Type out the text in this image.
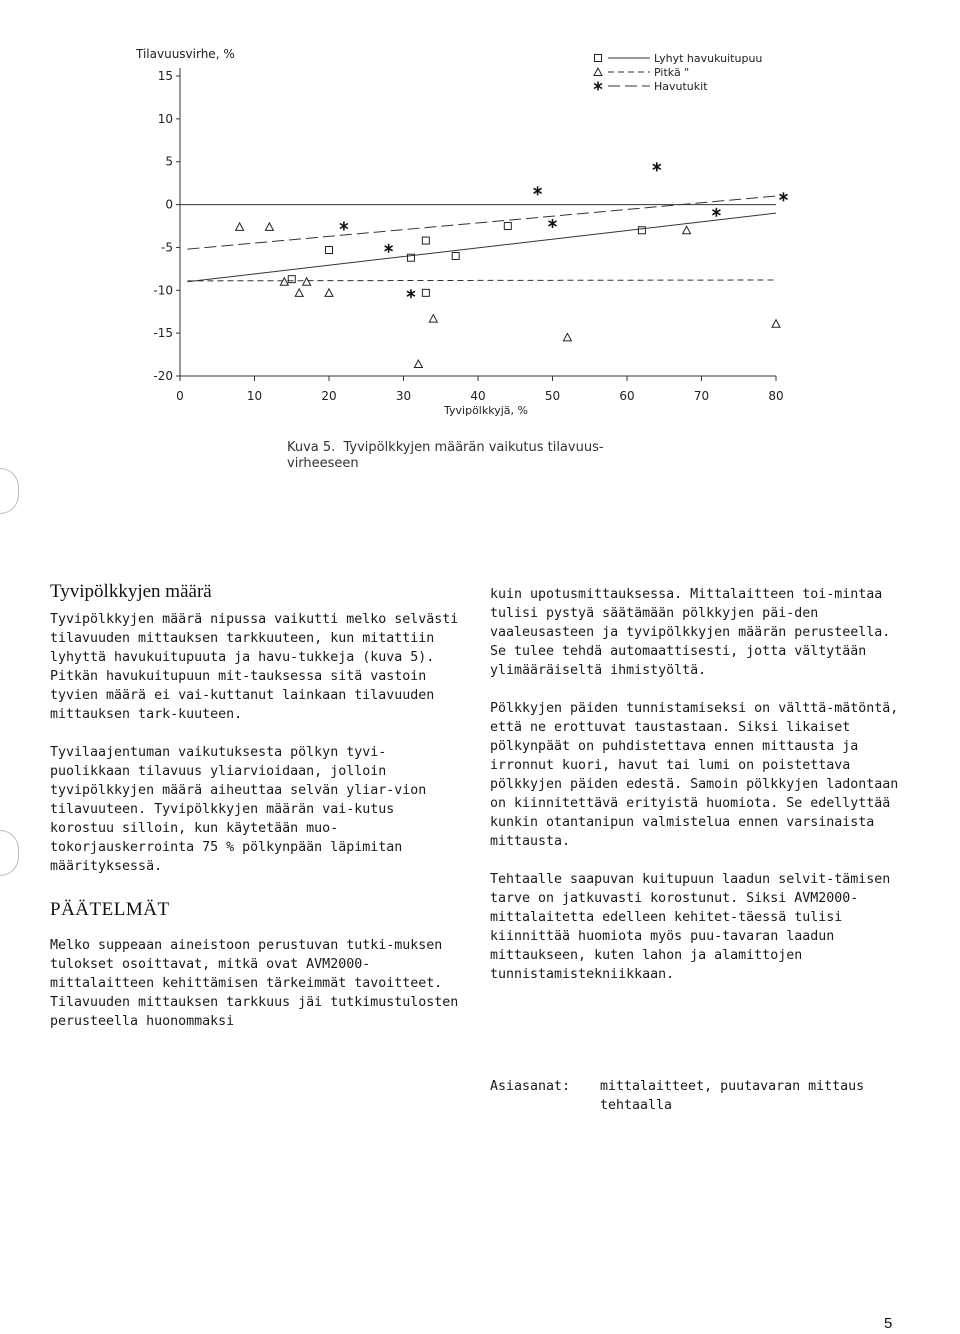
15
10
5
0
-5
-10
-15
-20
0	10	20	30	40	50	60	70	80
Tilavuusvirhe, %
Tyvipölkkyjä, %
Lyhyt havukuitupuu
Pitkä "
Havutukit
Kuva 5. Tyvipölkkyjen määrän vaikutus tilavuus-virheeseen
Tyvipölkkyjen määrä

Tyvipölkkyjen määrä nipussa vaikutti melko selvästi tilavuuden mittauksen tarkkuuteen, kun mitattiin lyhyttä havukuitupuuta ja havu-tukkeja (kuva 5). Pitkän havukuitupuun mit-tauksessa sitä vastoin tyvien määrä ei vai-kuttanut lainkaan tilavuuden mittauksen tark-kuuteen.

Tyvilaajentuman vaikutuksesta pölkyn tyvi-puolikkaan tilavuus yliarvioidaan, jolloin tyvipölkkyjen määrä aiheuttaa selvän yliar-vion tilavuuteen. Tyvipölkkyjen määrän vai-kutus korostuu silloin, kun käytetään muo-tokorjauskerrointa 75 % pölkynpään läpimitan määrityksessä.

PÄÄTELMÄT

Melko suppeaan aineistoon perustuvan tutki-muksen tulokset osoittavat, mitkä ovat AVM2000-mittalaitteen kehittämisen tärkeimmät tavoitteet. Tilavuuden mittauksen tarkkuus jäi tutkimustulosten perusteella huonommaksi

kuin upotusmittauksessa. Mittalaitteen toi-mintaa tulisi pystyä säätämään pölkkyjen päi-den vaaleusasteen ja tyvipölkkyjen määrän perusteella. Se tulee tehdä automaattisesti, jotta vältytään ylimääräiseltä ihmistyöltä.

Pölkkyjen päiden tunnistamiseksi on välttä-mätöntä, että ne erottuvat taustastaan. Siksi likaiset pölkynpäät on puhdistettava ennen mittausta ja irronnut kuori, havut tai lumi on poistettava pölkkyjen päiden edestä. Samoin pölkkyjen ladontaan on kiinnitettävä erityistä huomiota. Se edellyttää kunkin otantanipun valmistelua ennen varsinaista mittausta.

Tehtaalle saapuvan kuitupuun laadun selvit-tämisen tarve on jatkuvasti korostunut. Siksi AVM2000-mittalaitetta edelleen kehitet-täessä tulisi kiinnittää huomiota myös puu-tavaran laadun mittaukseen, kuten lahon ja alamittojen tunnistamistekniikkaan.

Asiasanat:	mittalaitteet, puutavaran mittaus tehtaalla
5
